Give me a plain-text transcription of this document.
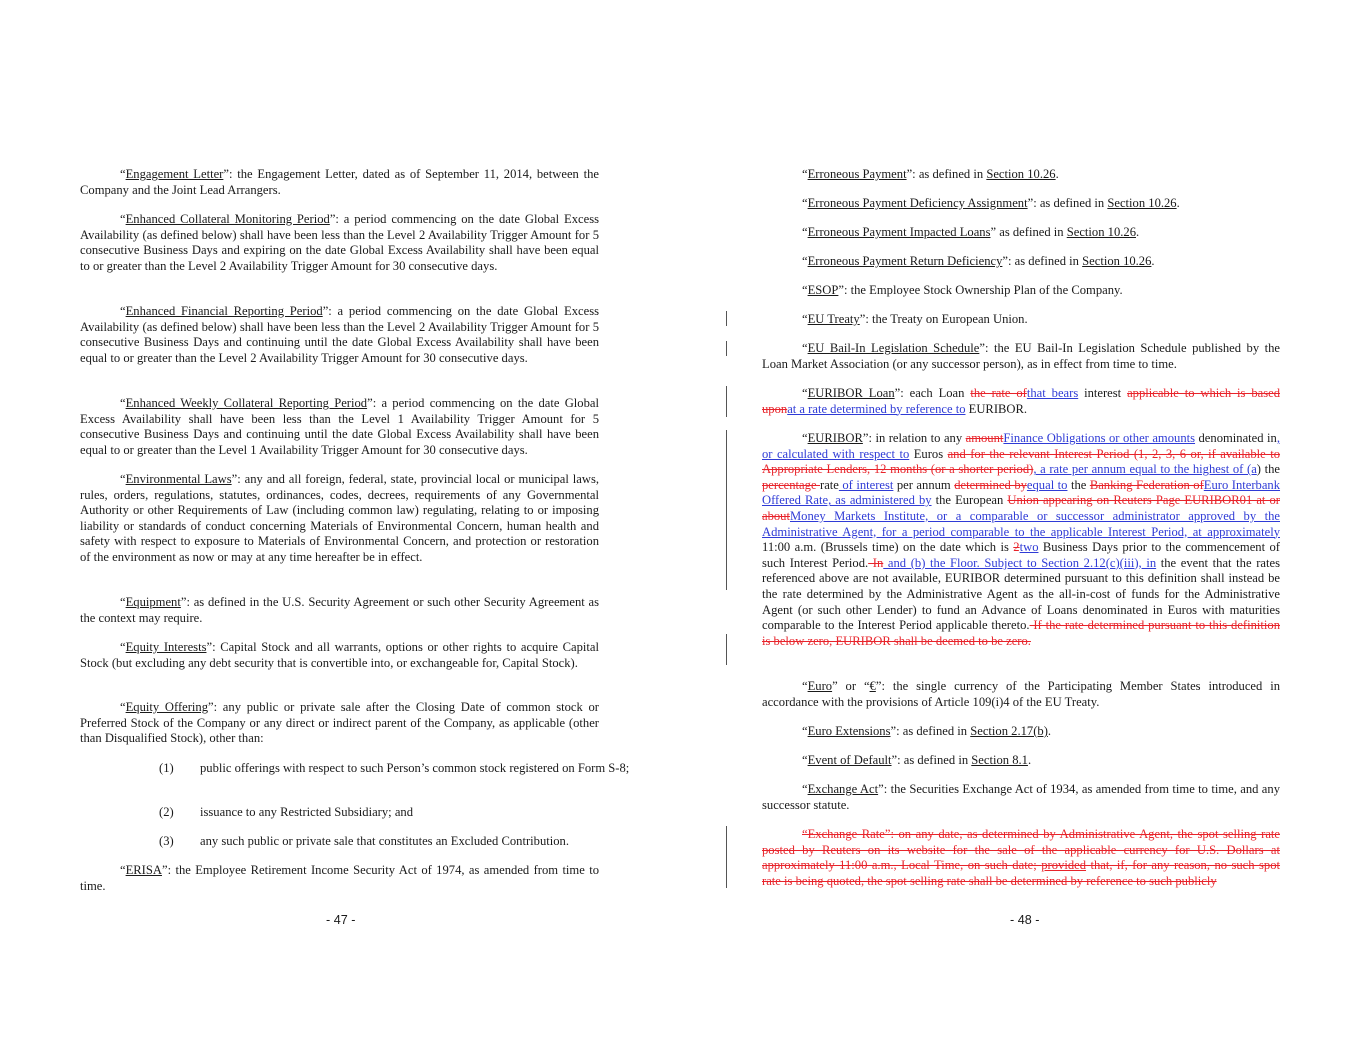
“Engagement Letter”: the Engagement Letter, dated as of September 11, 2014, between the Company and the Joint Lead Arrangers.

“Enhanced Collateral Monitoring Period”: a period commencing on the date Global Excess Availability (as defined below) shall have been less than the Level 2 Availability Trigger Amount for 5 consecutive Business Days and expiring on the date Global Excess Availability shall have been equal to or greater than the Level 2 Availability Trigger Amount for 30 consecutive days.

“Enhanced Financial Reporting Period”: a period commencing on the date Global Excess Availability (as defined below) shall have been less than the Level 2 Availability Trigger Amount for 5 consecutive Business Days and continuing until the date Global Excess Availability shall have been equal to or greater than the Level 2 Availability Trigger Amount for 30 consecutive days.

“Enhanced Weekly Collateral Reporting Period”: a period commencing on the date Global Excess Availability shall have been less than the Level 1 Availability Trigger Amount for 5 consecutive Business Days and continuing until the date Global Excess Availability shall have been equal to or greater than the Level 1 Availability Trigger Amount for 30 consecutive days.

“Environmental Laws”: any and all foreign, federal, state, provincial local or municipal laws, rules, orders, regulations, statutes, ordinances, codes, decrees, requirements of any Governmental Authority or other Requirements of Law (including common law) regulating, relating to or imposing liability or standards of conduct concerning Materials of Environmental Concern, human health and safety with respect to exposure to Materials of Environmental Concern, and protection or restoration of the environment as now or may at any time hereafter be in effect.

“Equipment”: as defined in the U.S. Security Agreement or such other Security Agreement as the context may require.

“Equity Interests”: Capital Stock and all warrants, options or other rights to acquire Capital Stock (but excluding any debt security that is convertible into, or exchangeable for, Capital Stock).

“Equity Offering”: any public or private sale after the Closing Date of common stock or Preferred Stock of the Company or any direct or indirect parent of the Company, as applicable (other than Disqualified Stock), other than:

(1) public offerings with respect to such Person’s common stock registered on Form S-8;
(2) issuance to any Restricted Subsidiary; and
(3) any such public or private sale that constitutes an Excluded Contribution.

“ERISA”: the Employee Retirement Income Security Act of 1974, as amended from time to time.

- 47 -

“Erroneous Payment”: as defined in Section 10.26.

“Erroneous Payment Deficiency Assignment”: as defined in Section 10.26.

“Erroneous Payment Impacted Loans” as defined in Section 10.26.

“Erroneous Payment Return Deficiency”: as defined in Section 10.26.

“ESOP”: the Employee Stock Ownership Plan of the Company.

“EU Treaty”: the Treaty on European Union.

“EU Bail-In Legislation Schedule”: the EU Bail-In Legislation Schedule published by the Loan Market Association (or any successor person), as in effect from time to time.

“EURIBOR Loan”: each Loan the rate ofthat bears interest applicable to which is based uponat a rate determined by reference to EURIBOR.

“EURIBOR”: in relation to any amountFinance Obligations or other amounts denominated in, or calculated with respect to Euros and for the relevant Interest Period (1, 2, 3, 6 or, if available to Appropriate Lenders, 12 months (or a shorter period), a rate per annum equal to the highest of (a) the percentage rate of interest per annum determined byequal to the Banking Federation ofEuro Interbank Offered Rate, as administered by the European Union appearing on Reuters Page EURIBOR01 at or aboutMoney Markets Institute, or a comparable or successor administrator approved by the Administrative Agent, for a period comparable to the applicable Interest Period, at approximately 11:00 a.m. (Brussels time) on the date which is 2two Business Days prior to the commencement of such Interest Period. In and (b) the Floor. Subject to Section 2.12(c)(iii), in the event that the rates referenced above are not available, EURIBOR determined pursuant to this definition shall instead be the rate determined by the Administrative Agent as the all-in-cost of funds for the Administrative Agent (or such other Lender) to fund an Advance of Loans denominated in Euros with maturities comparable to the Interest Period applicable thereto. If the rate determined pursuant to this definition is below zero, EURIBOR shall be deemed to be zero.

“Euro” or “€”: the single currency of the Participating Member States introduced in accordance with the provisions of Article 109(i)4 of the EU Treaty.

“Euro Extensions”: as defined in Section 2.17(b).

“Event of Default”: as defined in Section 8.1.

“Exchange Act”: the Securities Exchange Act of 1934, as amended from time to time, and any successor statute.

“Exchange Rate”: on any date, as determined by Administrative Agent, the spot selling rate posted by Reuters on its website for the sale of the applicable currency for U.S. Dollars at approximately 11:00 a.m., Local Time, on such date; provided that, if, for any reason, no such spot rate is being quoted, the spot selling rate shall be determined by reference to such publicly

- 48 -
